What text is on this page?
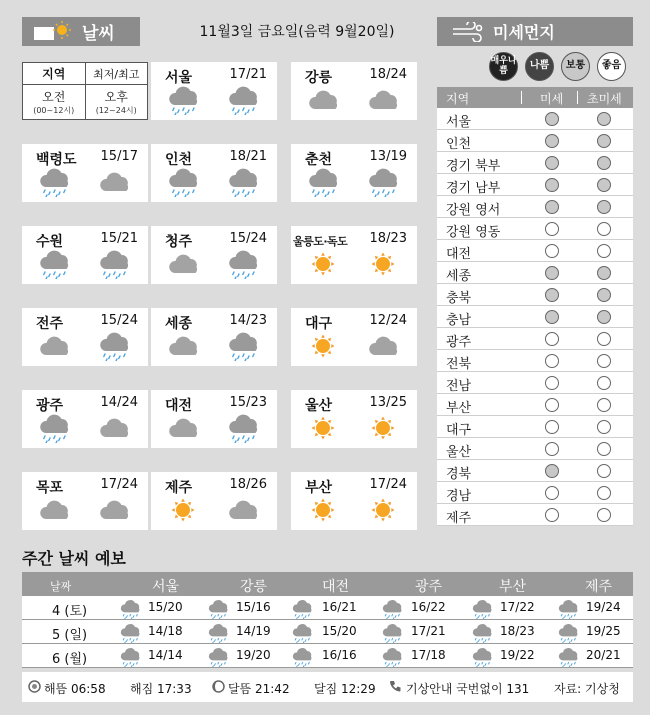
날씨	11월3일 금요일(음력 9월20일)	미세먼지
지역	최저/최고
오전
(00~12시)
오후
(12~24시)
서울	17/21	강릉	18/24
백령도 15/17 인천	18/21	춘천	13/19
수원	15/21 청주	15/24 울릉도·독도 18/23
전주	15/24 세종	14/23	대구	12/24
광주	14/24 대전	15/23	울산	13/25
목포	17/24 제주	18/26	부산	17/24
매우나쁨	나쁨	보통	좋음
지역	미세 초미세
서울
인천
경기 북부
경기 남부
강원 영서
강원 영동
대전
세종
충북
충남
광주
전북
전남
부산
대구
울산
경북
경남
제주
주간 날씨 예보
날짜	서울	강릉	대전	광주	부산	제주
4 (토)	15/20	15/16	16/21	16/22	17/22	19/24
5 (일)	14/18	14/19	15/20	17/21	18/23	19/25
6 (월)	14/14	19/20	16/16	17/18	19/22	20/21
해뜸 06:58 해짐 17:33	달뜸 21:42 달짐 12:29	기상안내 국번없이 131 자료: 기상청
